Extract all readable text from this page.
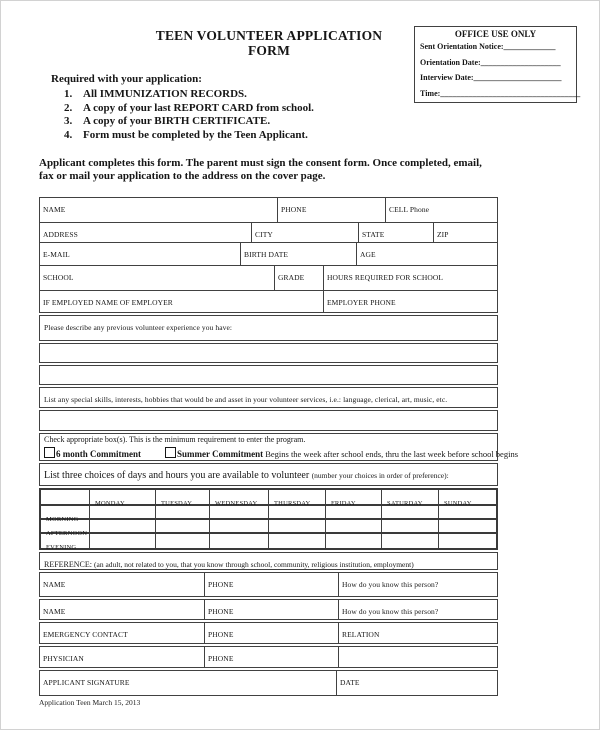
TEEN VOLUNTEER APPLICATION
FORM
OFFICE USE ONLY
Sent Orientation Notice:_____________
Orientation Date:____________________
Interview Date:______________________
Time:___________________________________
Required with your application:
1. All IMMUNIZATION RECORDS.
2. A copy of your last REPORT CARD from school.
3. A copy of your BIRTH CERTIFICATE.
4. Form must be completed by the Teen Applicant.
Applicant completes this form. The parent must sign the consent form. Once completed, email, fax or mail your application to the address on the cover page.
NAME	PHONE	CELL Phone
ADDRESS	CITY	STATE	ZIP
E-MAIL	BIRTH DATE	AGE
SCHOOL	GRADE	HOURS REQUIRED FOR SCHOOL
IF EMPLOYED NAME OF EMPLOYER	EMPLOYER PHONE
Please describe any previous volunteer experience you have:
List any special skills, interests, hobbies that would be and asset in your volunteer services, i.e.: language, clerical, art, music, etc.
Check appropriate box(s). This is the minimum requirement to enter the program.
6 month Commitment	Summer Commitment Begins the week after school ends, thru the last week before school begins
List three choices of days and hours you are available to volunteer (number your choices in order of preference):
MONDAY	TUESDAY	WEDNESDAY	THURSDAY	FRIDAY	SATURDAY	SUNDAY
MORNING
AFTERNOON
EVENING
REFERENCE: (an adult, not related to you, that you know through school, community, religious institution, employment)
NAME	PHONE	How do you know this person?
NAME	PHONE	How do you know this person?
EMERGENCY CONTACT	PHONE	RELATION
PHYSICIAN	PHONE
APPLICANT SIGNATURE	DATE
Application Teen March 15, 2013
